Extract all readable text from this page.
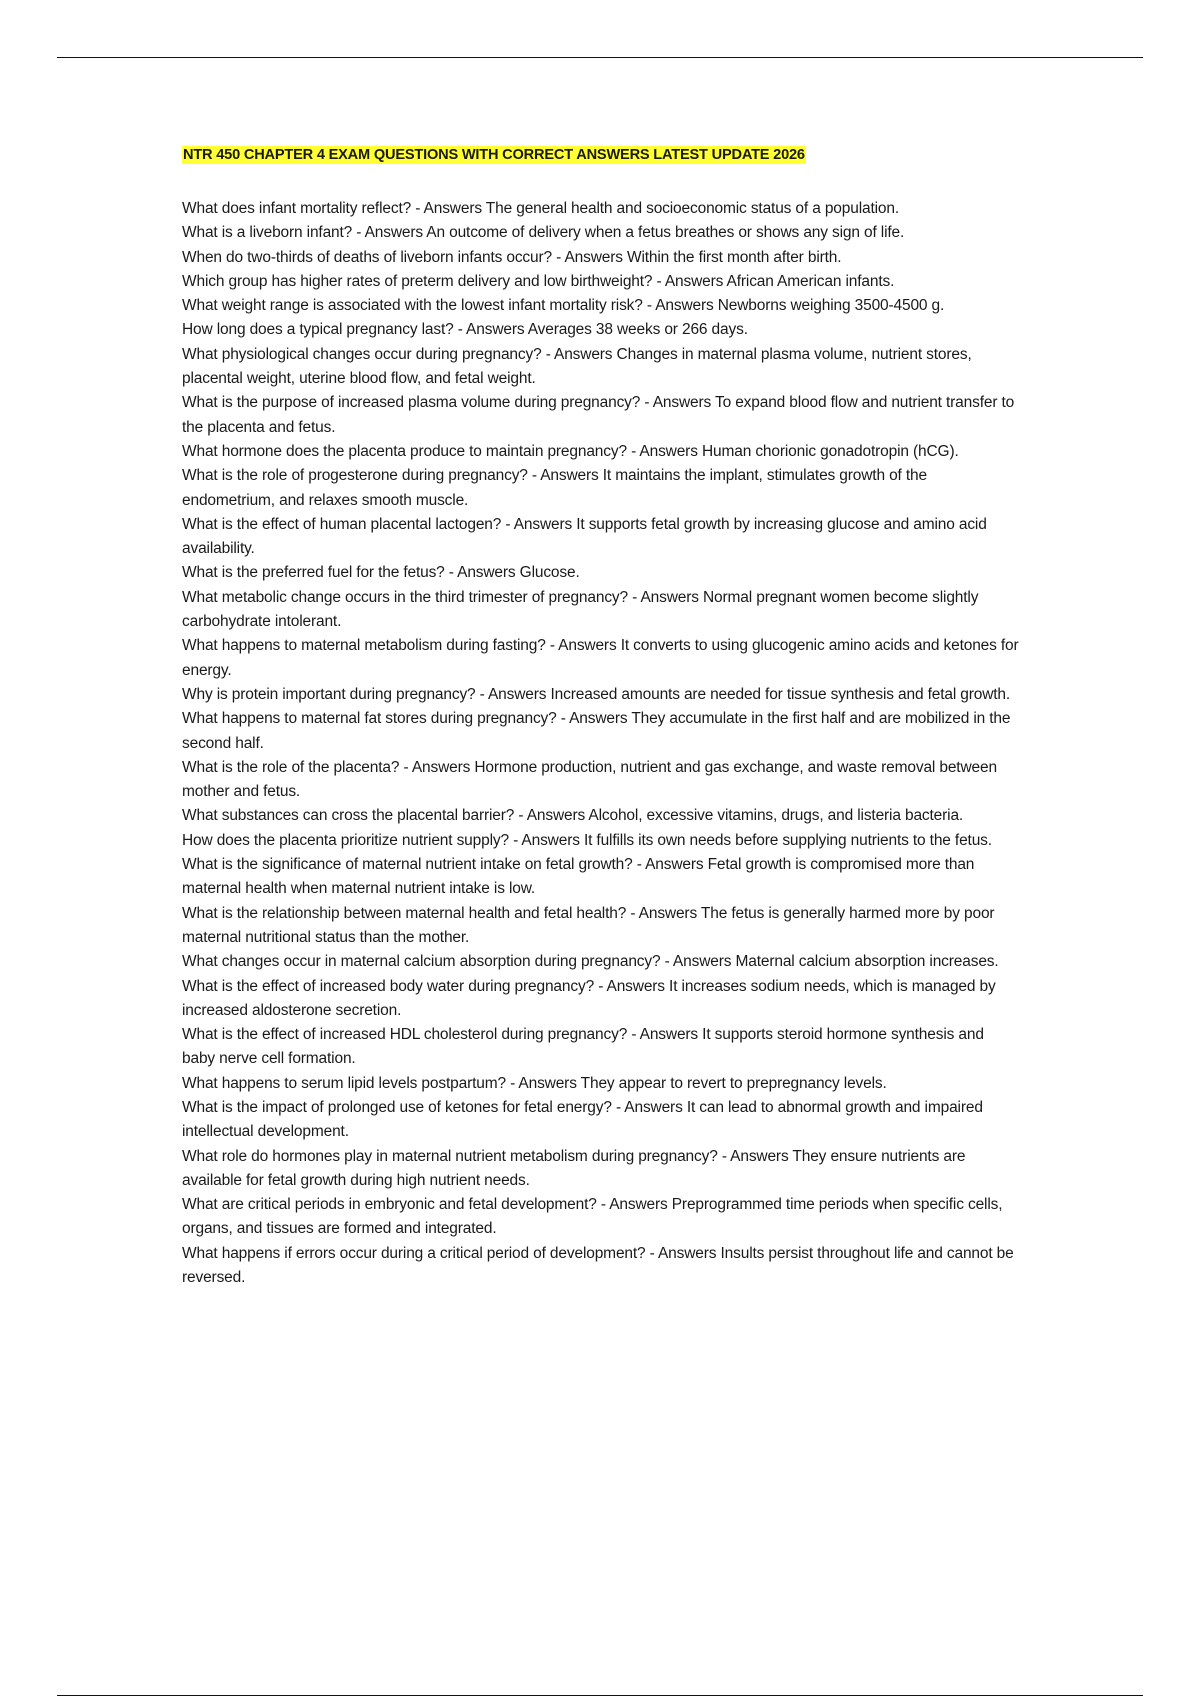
NTR 450 CHAPTER 4 EXAM QUESTIONS WITH CORRECT ANSWERS LATEST UPDATE 2026
What does infant mortality reflect? - Answers The general health and socioeconomic status of a population.
What is a liveborn infant? - Answers An outcome of delivery when a fetus breathes or shows any sign of life.
When do two-thirds of deaths of liveborn infants occur? - Answers Within the first month after birth.
Which group has higher rates of preterm delivery and low birthweight? - Answers African American infants.
What weight range is associated with the lowest infant mortality risk? - Answers Newborns weighing 3500-4500 g.
How long does a typical pregnancy last? - Answers Averages 38 weeks or 266 days.
What physiological changes occur during pregnancy? - Answers Changes in maternal plasma volume, nutrient stores, placental weight, uterine blood flow, and fetal weight.
What is the purpose of increased plasma volume during pregnancy? - Answers To expand blood flow and nutrient transfer to the placenta and fetus.
What hormone does the placenta produce to maintain pregnancy? - Answers Human chorionic gonadotropin (hCG).
What is the role of progesterone during pregnancy? - Answers It maintains the implant, stimulates growth of the endometrium, and relaxes smooth muscle.
What is the effect of human placental lactogen? - Answers It supports fetal growth by increasing glucose and amino acid availability.
What is the preferred fuel for the fetus? - Answers Glucose.
What metabolic change occurs in the third trimester of pregnancy? - Answers Normal pregnant women become slightly carbohydrate intolerant.
What happens to maternal metabolism during fasting? - Answers It converts to using glucogenic amino acids and ketones for energy.
Why is protein important during pregnancy? - Answers Increased amounts are needed for tissue synthesis and fetal growth.
What happens to maternal fat stores during pregnancy? - Answers They accumulate in the first half and are mobilized in the second half.
What is the role of the placenta? - Answers Hormone production, nutrient and gas exchange, and waste removal between mother and fetus.
What substances can cross the placental barrier? - Answers Alcohol, excessive vitamins, drugs, and listeria bacteria.
How does the placenta prioritize nutrient supply? - Answers It fulfills its own needs before supplying nutrients to the fetus.
What is the significance of maternal nutrient intake on fetal growth? - Answers Fetal growth is compromised more than maternal health when maternal nutrient intake is low.
What is the relationship between maternal health and fetal health? - Answers The fetus is generally harmed more by poor maternal nutritional status than the mother.
What changes occur in maternal calcium absorption during pregnancy? - Answers Maternal calcium absorption increases.
What is the effect of increased body water during pregnancy? - Answers It increases sodium needs, which is managed by increased aldosterone secretion.
What is the effect of increased HDL cholesterol during pregnancy? - Answers It supports steroid hormone synthesis and baby nerve cell formation.
What happens to serum lipid levels postpartum? - Answers They appear to revert to prepregnancy levels.
What is the impact of prolonged use of ketones for fetal energy? - Answers It can lead to abnormal growth and impaired intellectual development.
What role do hormones play in maternal nutrient metabolism during pregnancy? - Answers They ensure nutrients are available for fetal growth during high nutrient needs.
What are critical periods in embryonic and fetal development? - Answers Preprogrammed time periods when specific cells, organs, and tissues are formed and integrated.
What happens if errors occur during a critical period of development? - Answers Insults persist throughout life and cannot be reversed.
